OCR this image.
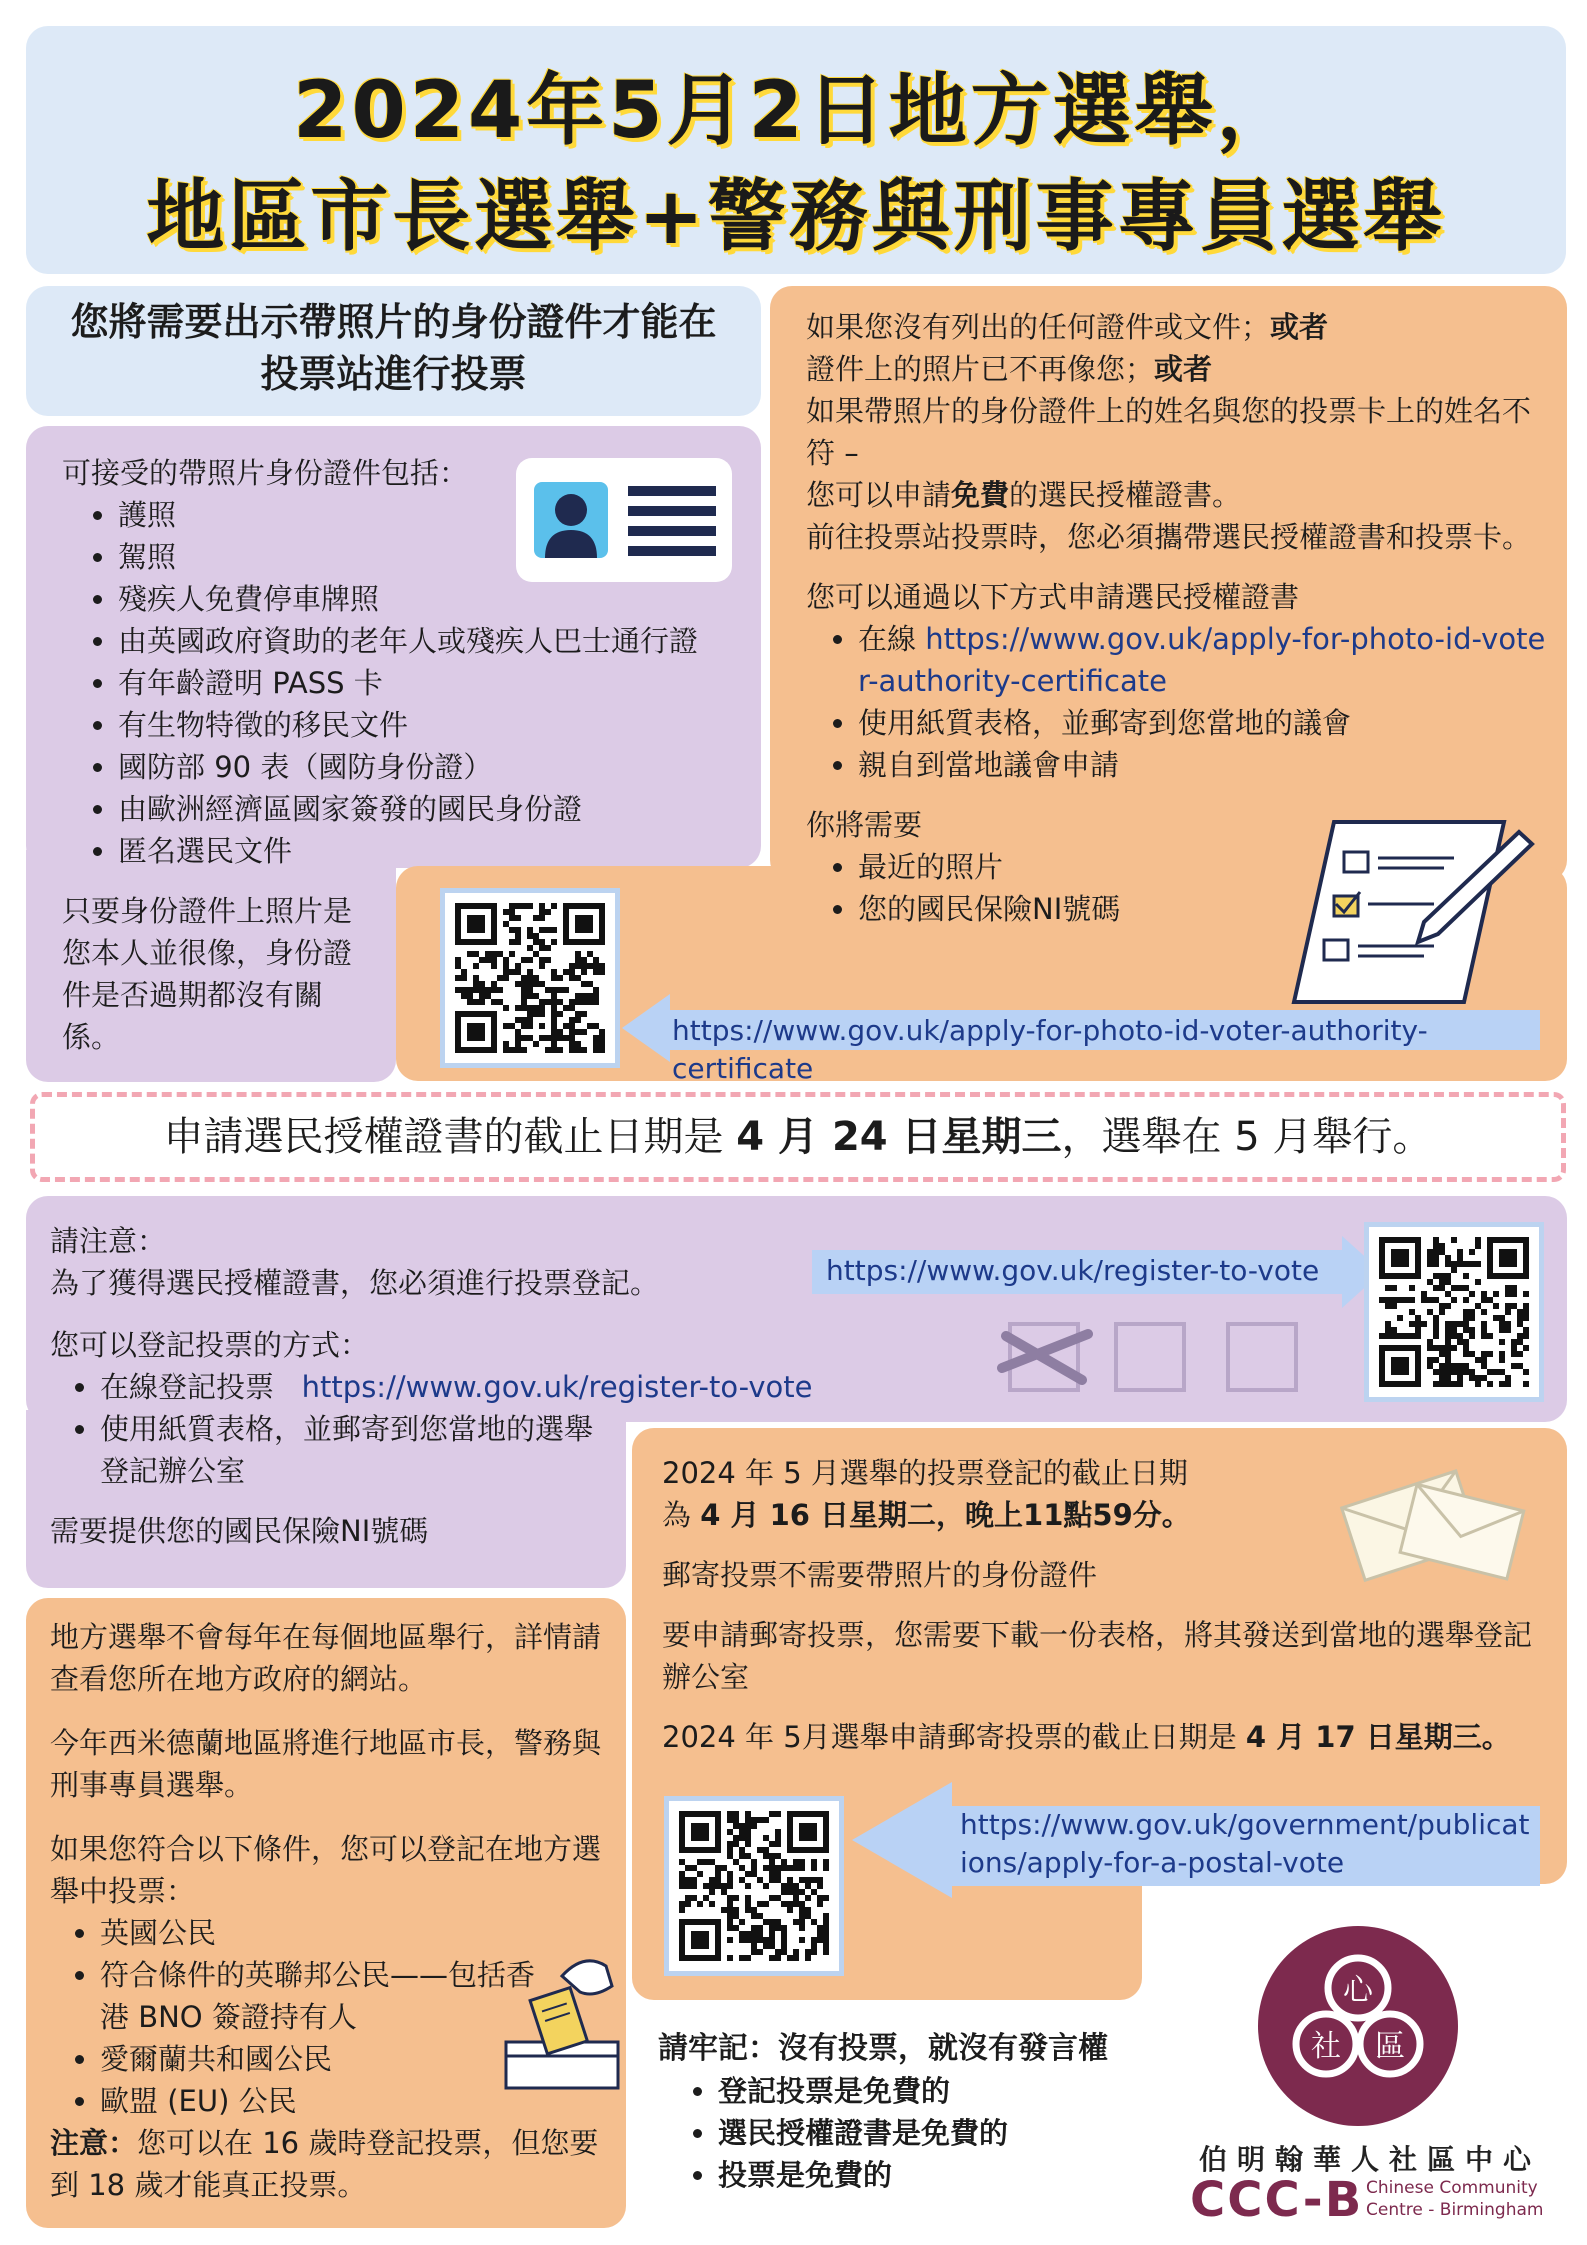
2024年5月2日地方選舉，
地區市長選舉+警務與刑事專員選舉
您將需要出示帶照片的身份證件才能在投票站進行投票

可接受的帶照片身份證件包括：

• 護照
• 駕照
• 殘疾人免費停車牌照
• 由英國政府資助的老年人或殘疾人巴士通行證
• 有年齡證明 PASS 卡
• 有生物特徵的移民文件
• 國防部 90 表（國防身份證）
• 由歐洲經濟區國家簽發的國民身份證
• 匿名選民文件
只要身份證件上照片是您本人並很像，身份證件是否過期都沒有關係。

如果您沒有列出的任何證件或文件；或者

證件上的照片已不再像您；或者

如果帶照片的身份證件上的姓名與您的投票卡上的姓名不符 –

您可以申請免費的選民授權證書。

前往投票站投票時，您必須攜帶選民授權證書和投票卡。

您可以通過以下方式申請選民授權證書

• 在線 https://www.gov.uk/apply-for-photo-id-voter-authority-certificate
• 使用紙質表格，並郵寄到您當地的議會
• 親自到當地議會申請

你將需要

• 最近的照片
• 您的國民保險NI號碼
https://www.gov.uk/apply-for-photo-id-voter-authority-certificate
申請選民授權證書的截止日期是 4 月 24 日星期三，選舉在 5 月舉行。

請注意：

為了獲得選民授權證書，您必須進行投票登記。

您可以登記投票的方式：

• 在線登記投票 https://www.gov.uk/register-to-vote
• 使用紙質表格，並郵寄到您當地的選舉登記辦公室

需要提供您的國民保險NI號碼

https://www.gov.uk/register-to-vote

2024 年 5 月選舉的投票登記的截止日期

為 4 月 16 日星期二，晚上11點59分。

郵寄投票不需要帶照片的身份證件

要申請郵寄投票，您需要下載一份表格，將其發送到當地的選舉登記辦公室

2024 年 5月選舉申請郵寄投票的截止日期是 4 月 17 日星期三。

https://www.gov.uk/government/publications/apply-for-a-postal-vote

地方選舉不會每年在每個地區舉行，詳情請查看您所在地方政府的網站。

今年西米德蘭地區將進行地區市長，警務與刑事專員選舉。

如果您符合以下條件，您可以登記在地方選舉中投票：

• 英國公民
• 符合條件的英聯邦公民——包括香港 BNO 簽證持有人
• 愛爾蘭共和國公民
• 歐盟 (EU) 公民

注意：您可以在 16 歲時登記投票，但您要到 18 歲才能真正投票。

請牢記：沒有投票，就沒有發言權

• 登記投票是免費的
• 選民授權證書是免費的
• 投票是免費的
心
社 區
伯明翰華人社區中心
CCC-B Chinese Community
Centre - Birmingham
